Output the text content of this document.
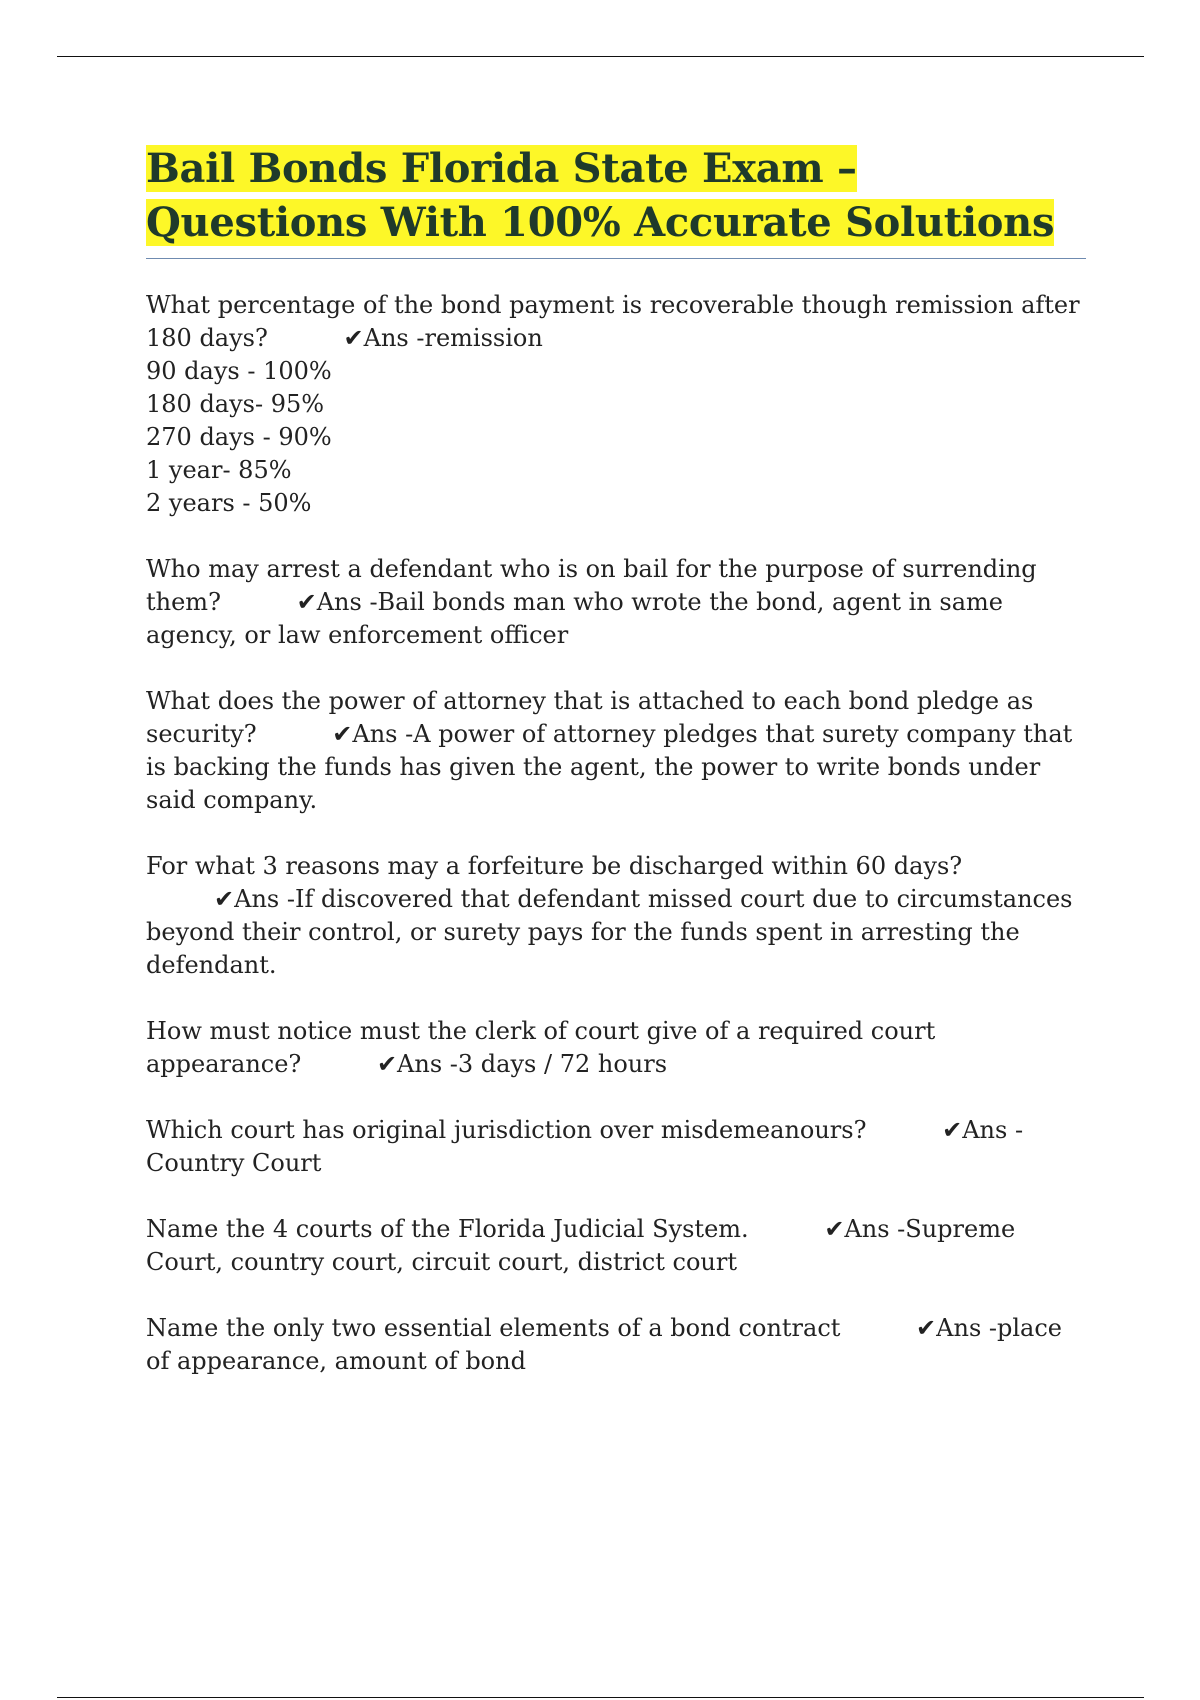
Bail Bonds Florida State Exam – Questions With 100% Accurate Solutions
What percentage of the bond payment is recoverable though remission after 180 days?	✔Ans -remission
90 days - 100%
180 days- 95%
270 days - 90%
1 year- 85%
2 years - 50%
Who may arrest a defendant who is on bail for the purpose of surrending them?	✔Ans -Bail bonds man who wrote the bond, agent in same agency, or law enforcement officer
What does the power of attorney that is attached to each bond pledge as security?	✔Ans -A power of attorney pledges that surety company that is backing the funds has given the agent, the power to write bonds under said company.
For what 3 reasons may a forfeiture be discharged within 60 days? ✔Ans -If discovered that defendant missed court due to circumstances beyond their control, or surety pays for the funds spent in arresting the defendant.
How must notice must the clerk of court give of a required court appearance?	✔Ans -3 days / 72 hours
Which court has original jurisdiction over misdemeanours?	✔Ans - Country Court
Name the 4 courts of the Florida Judicial System.	✔Ans -Supreme Court, country court, circuit court, district court
Name the only two essential elements of a bond contract	✔Ans -place of appearance, amount of bond
